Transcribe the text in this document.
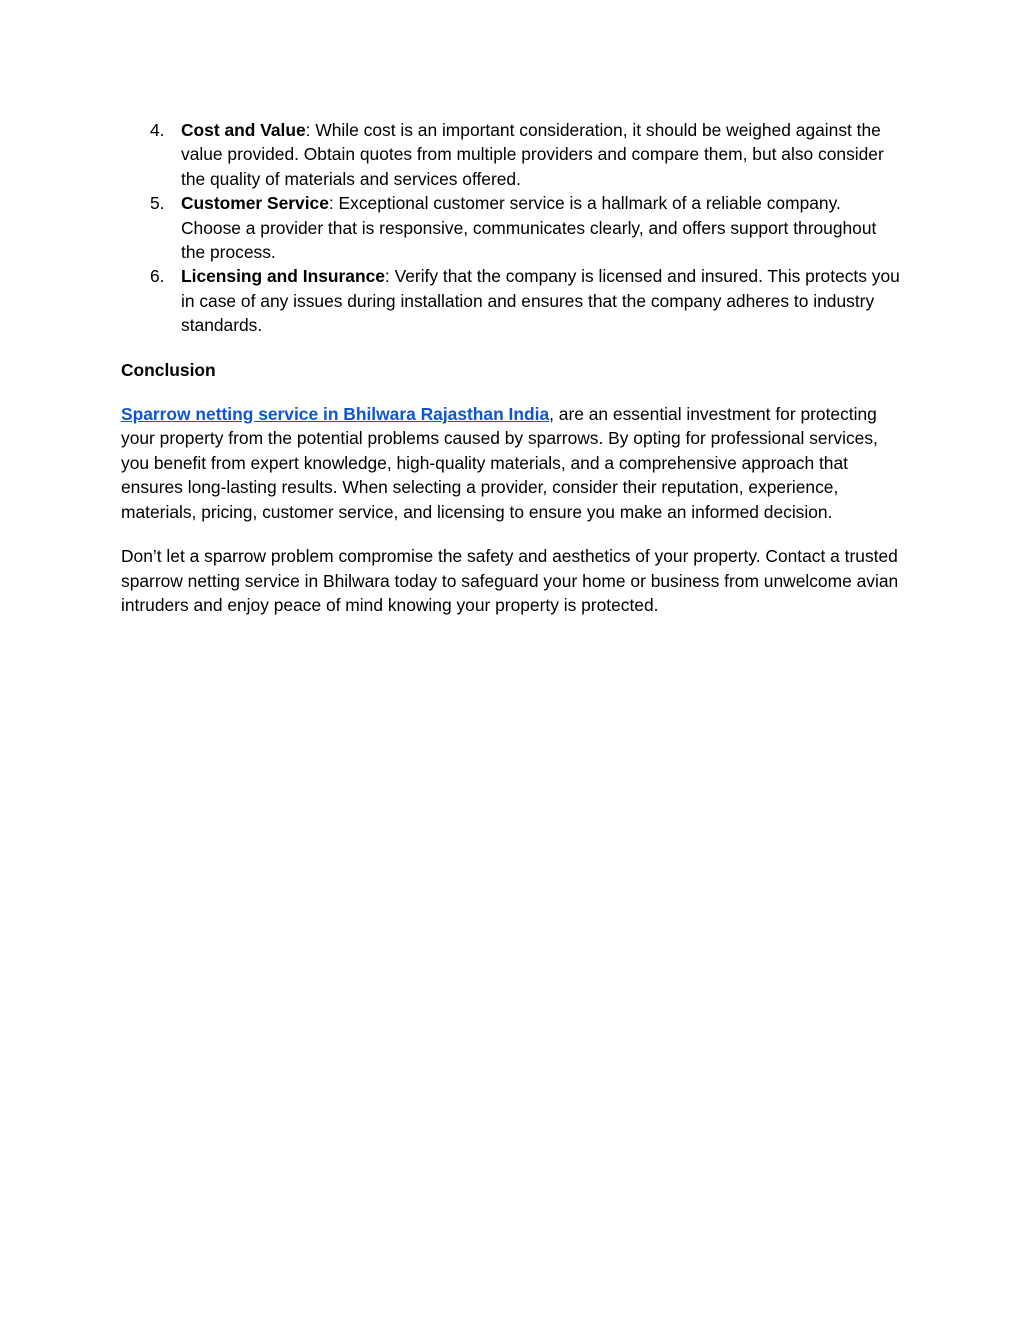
4. Cost and Value: While cost is an important consideration, it should be weighed against the value provided. Obtain quotes from multiple providers and compare them, but also consider the quality of materials and services offered.
5. Customer Service: Exceptional customer service is a hallmark of a reliable company. Choose a provider that is responsive, communicates clearly, and offers support throughout the process.
6. Licensing and Insurance: Verify that the company is licensed and insured. This protects you in case of any issues during installation and ensures that the company adheres to industry standards.
Conclusion

Sparrow netting service in Bhilwara Rajasthan India, are an essential investment for protecting your property from the potential problems caused by sparrows. By opting for professional services, you benefit from expert knowledge, high-quality materials, and a comprehensive approach that ensures long-lasting results. When selecting a provider, consider their reputation, experience, materials, pricing, customer service, and licensing to ensure you make an informed decision.

Don’t let a sparrow problem compromise the safety and aesthetics of your property. Contact a trusted sparrow netting service in Bhilwara today to safeguard your home or business from unwelcome avian intruders and enjoy peace of mind knowing your property is protected.
